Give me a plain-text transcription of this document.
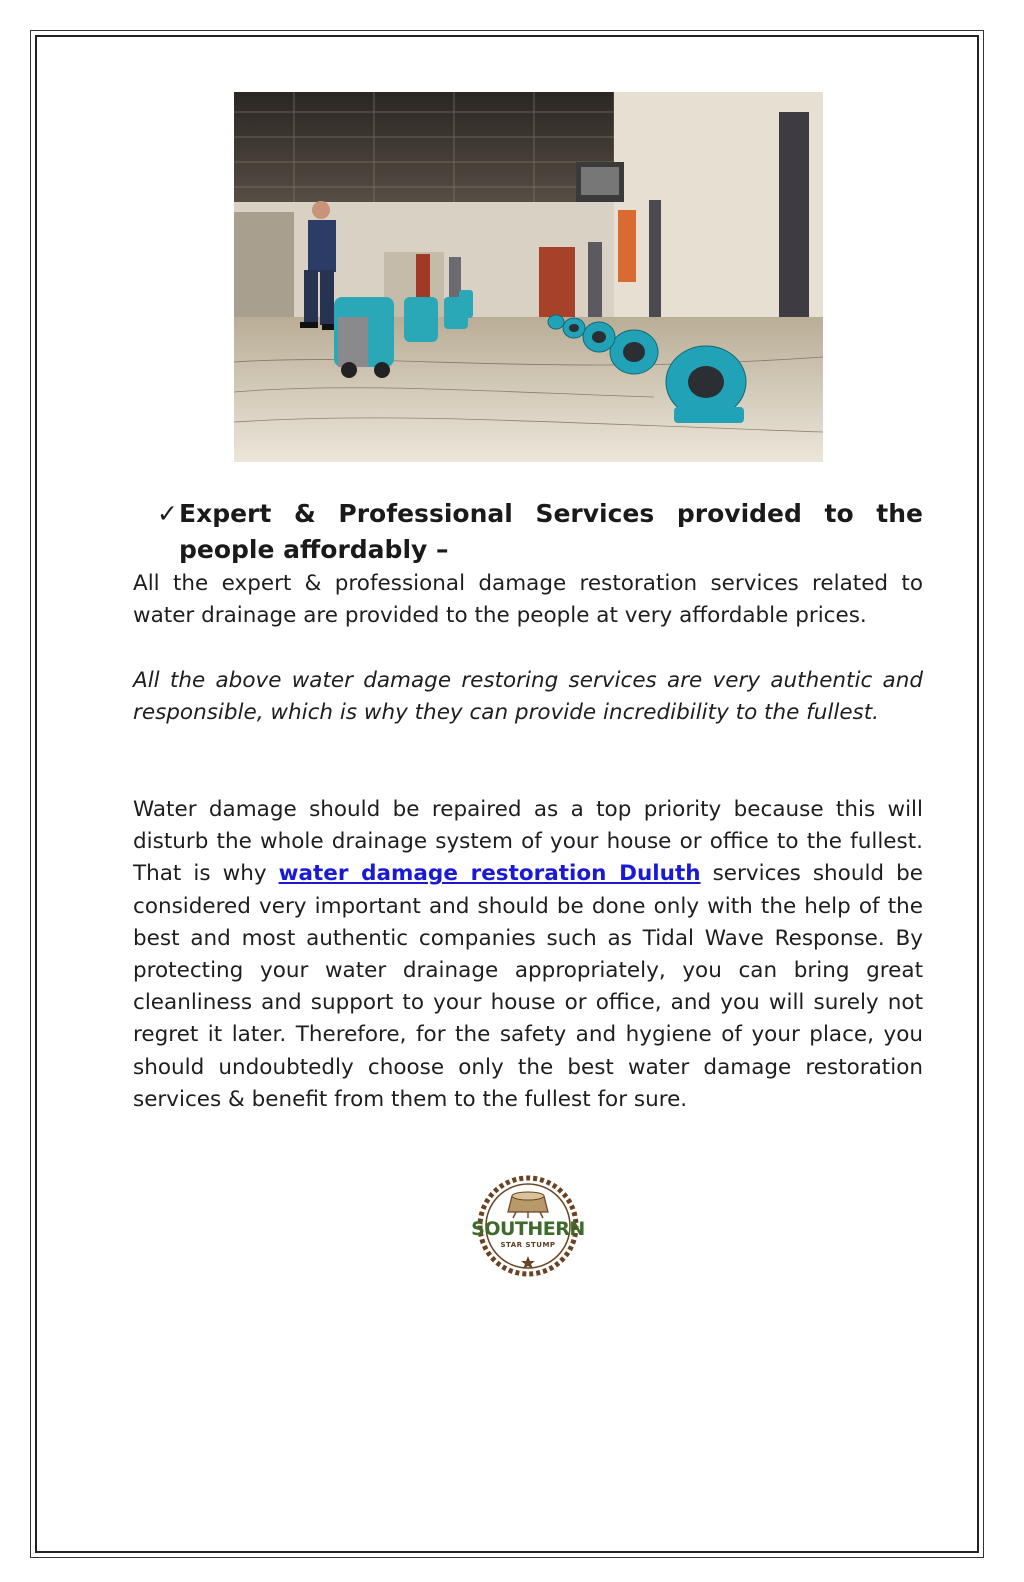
✓ Expert & Professional Services provided to the
people affordably –

All the expert & professional damage restoration services related to water drainage are provided to the people at very affordable prices.

All the above water damage restoring services are very authentic and responsible, which is why they can provide incredibility to the fullest.

Water damage should be repaired as a top priority because this will disturb the whole drainage system of your house or office to the fullest. That is why water damage restoration Duluth services should be considered very important and should be done only with the help of the best and most authentic companies such as Tidal Wave Response. By protecting your water drainage appropriately, you can bring great cleanliness and support to your house or office, and you will surely not regret it later. Therefore, for the safety and hygiene of your place, you should undoubtedly choose only the best water damage restoration services & benefit from them to the fullest for sure.

SOUTHERN
STAR STUMP
